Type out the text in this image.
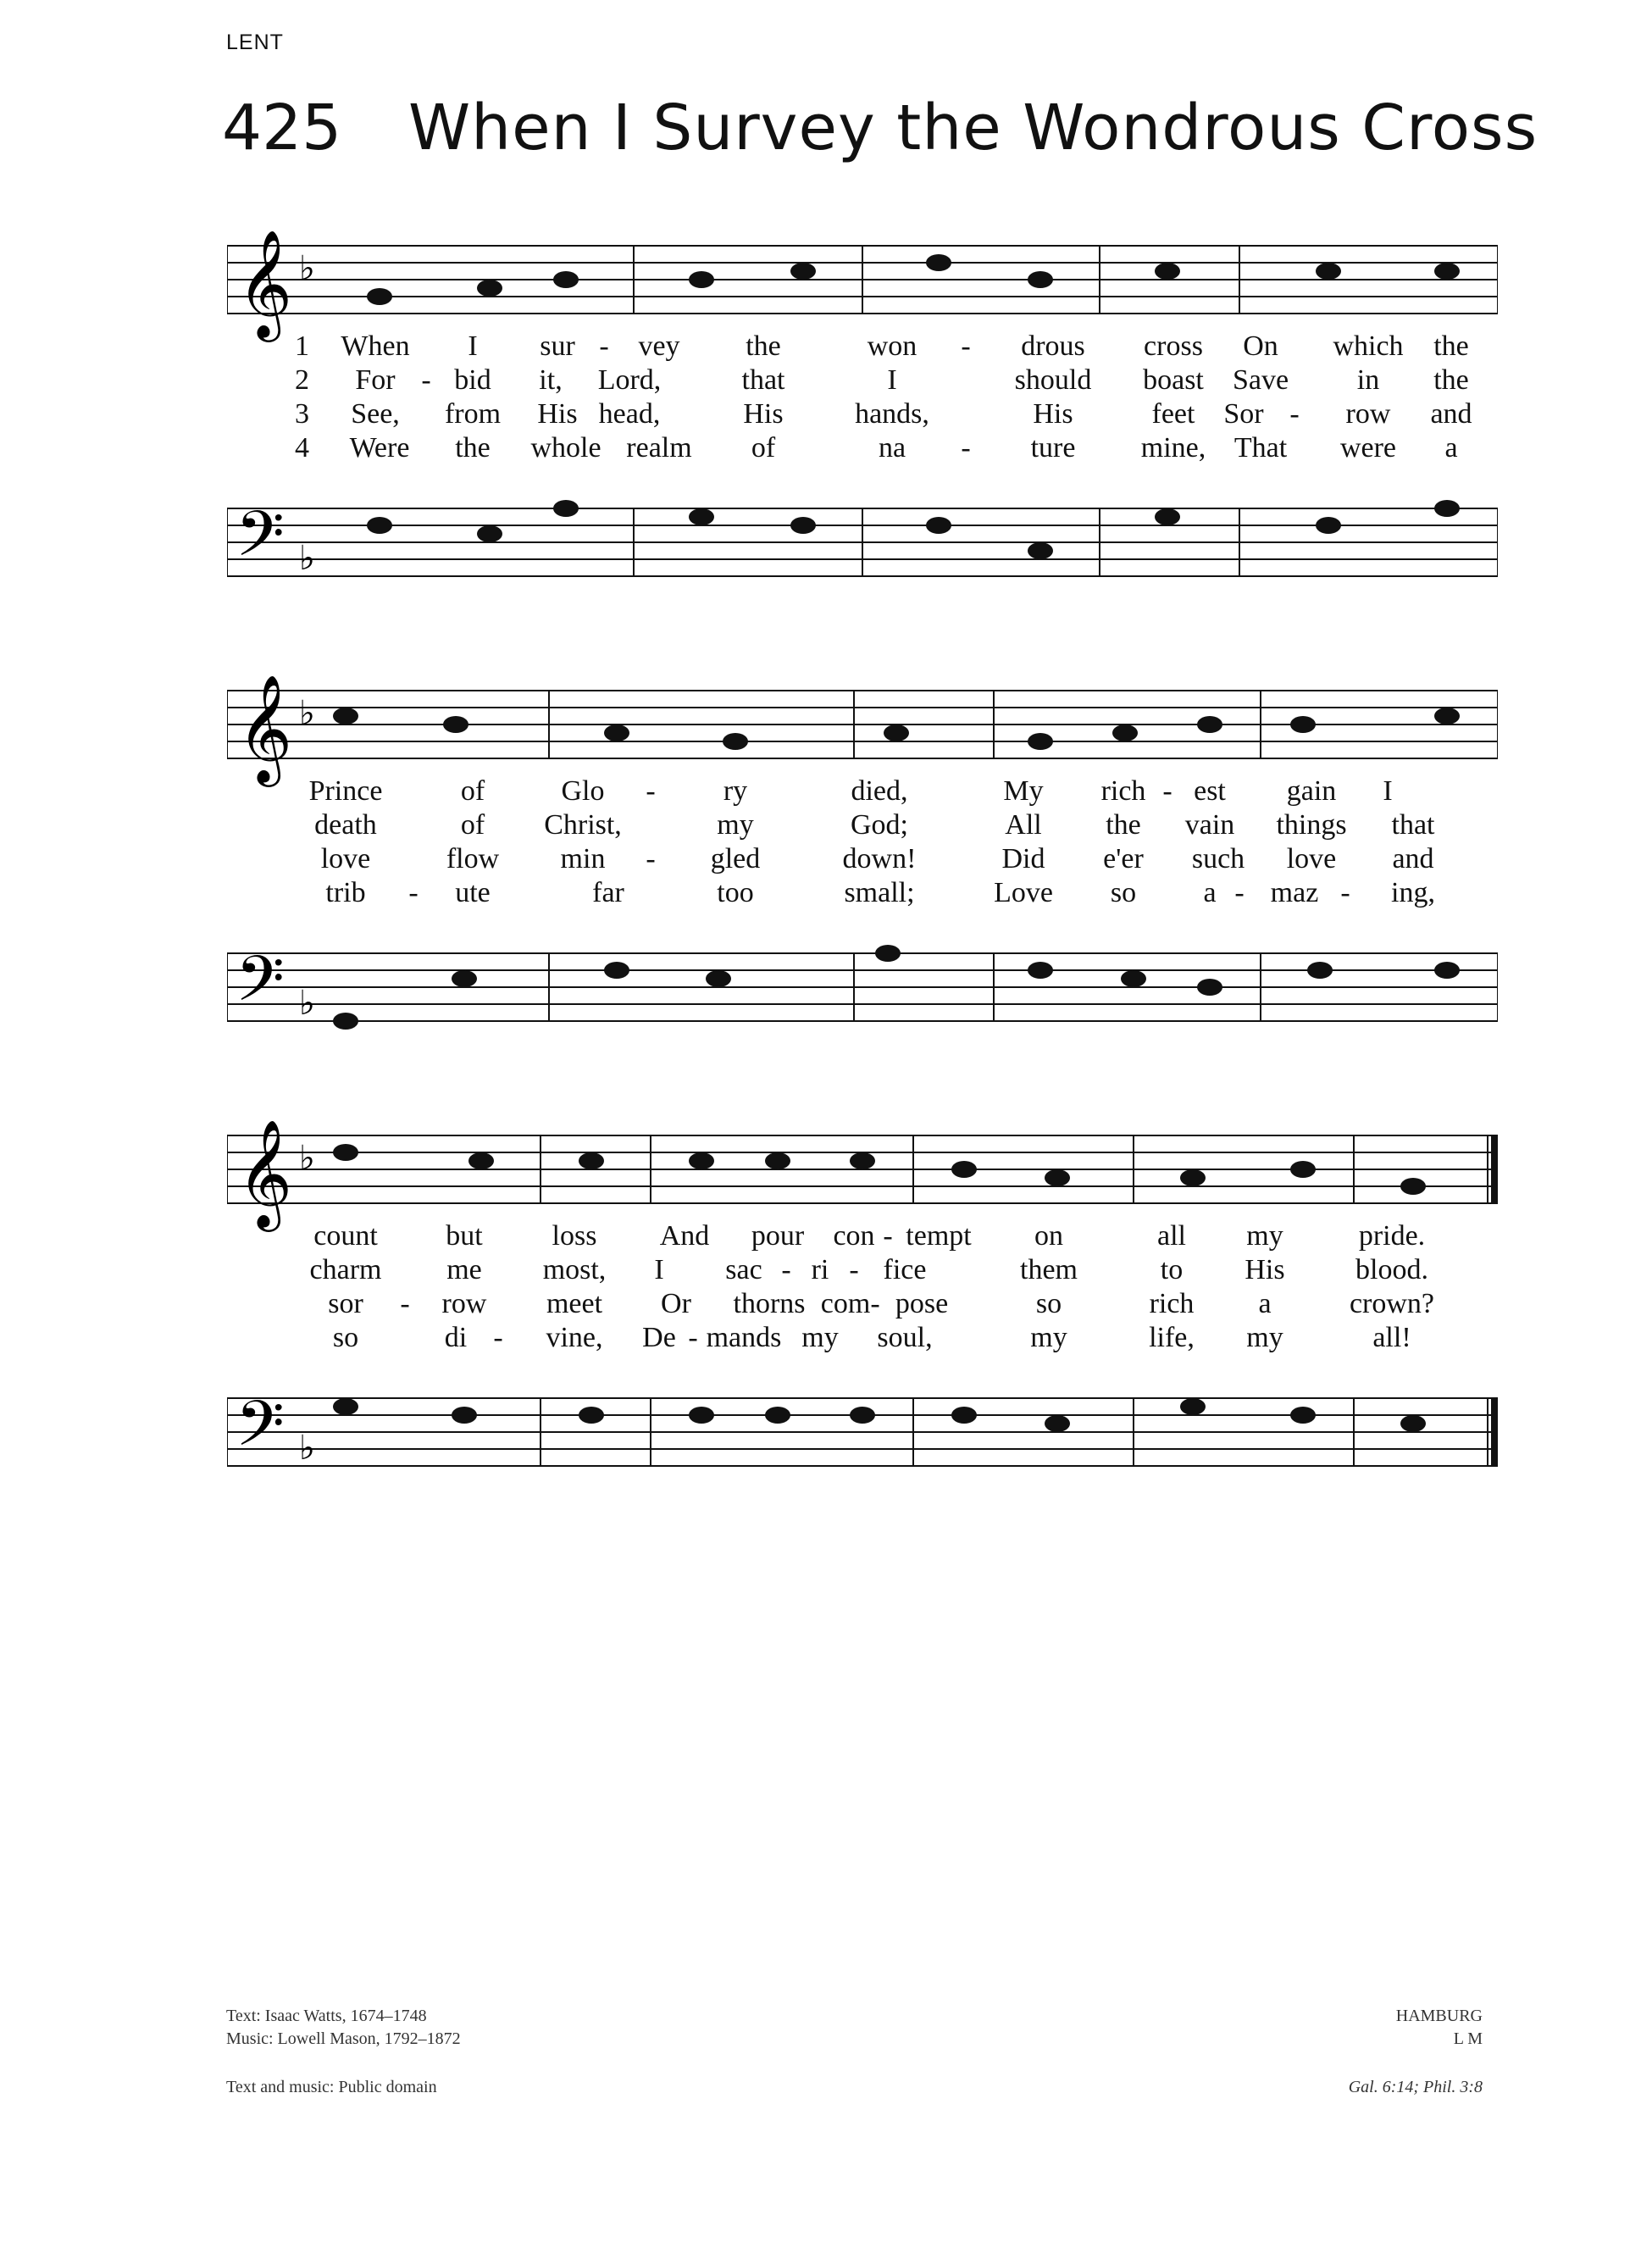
LENT
425 When I Survey the Wondrous Cross
𝄞 ♭
1 When I sur - vey the	won - drous cross On which the
2 For - bid it, Lord,	that	I	should boast Save in the
3 See, from His head,	His hands,	His	feet Sor - row and
4 Were the whole realm of	na - ture mine, That were a
𝄢 ♭
𝄞 ♭
Prince	of	Glo - ry	died,	My rich - est gain I
death	of Christ,	my	God;	All the vain things that
love	flow min - gled	down!	Did e'er such love and
trib - ute	far	too	small;	Love so a - maz - ing,
𝄢 ♭
𝄞 ♭
count but loss And pour con - tempt on	all my	pride.
charm me most, I sac - ri - fice	them	to His blood.
sor - row meet Or thorns com - pose	so	rich a	crown?
so	di - vine, De - mands my soul,	my	life, my	all!
𝄢 ♭
Text: Isaac Watts, 1674–1748
Music: Lowell Mason, 1792–1872
HAMBURG
L M
Text and music: Public domain	Gal. 6:14; Phil. 3:8
